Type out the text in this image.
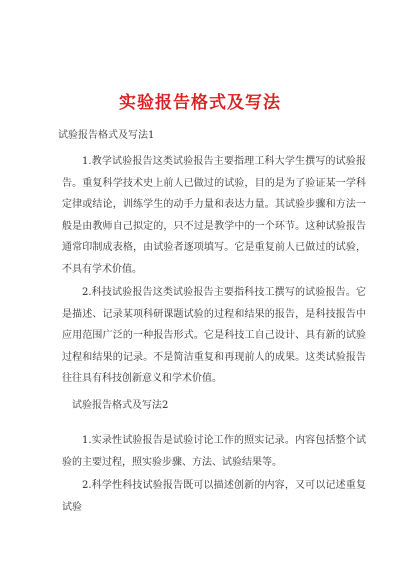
实验报告格式及写法
试验报告格式及写法1
1.教学试验报告这类试验报告主要指理工科大学生撰写的试验报告。重复科学技术史上前人已做过的试验，目的是为了验证某一学科定律或结论，训练学生的动手力量和表达力量。其试验步骤和方法一般是由教师自己拟定的，只不过是教学中的一个环节。这种试验报告通常印制成表格，由试验者逐项填写。它是重复前人已做过的试验，不具有学术价值。
2.科技试验报告这类试验报告主要指科技工撰写的试验报告。它是描述、记录某项科研课题试验的过程和结果的报告，是科技报告中应用范围广泛的一种报告形式。它是科技工自己设计、具有新的试验过程和结果的记录。不是简洁重复和再现前人的成果。这类试验报告往往具有科技创新意义和学术价值。
试验报告格式及写法2
1.实录性试验报告是试验讨论工作的照实记录。内容包括整个试验的主要过程，照实验步骤、方法、试验结果等。
2.科学性科技试验报告既可以描述创新的内容，又可以记述重复试验
